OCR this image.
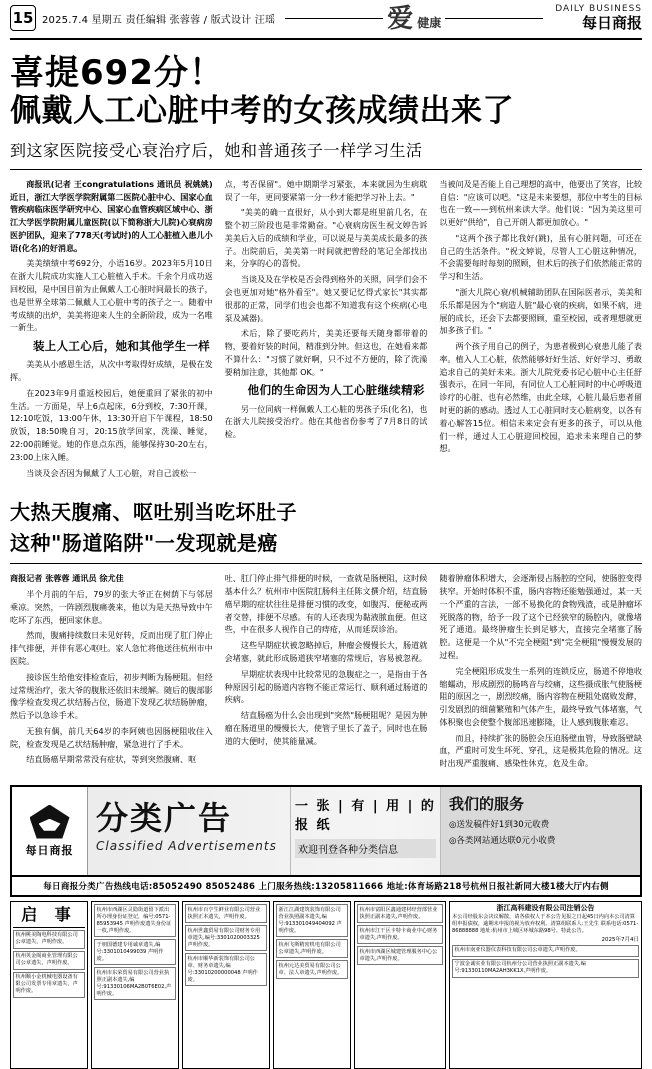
15 2025.7.4 星期五 责任编辑 张蓉蓉 / 版式设计 汪瑶	爱健康
DAILY BUSINESS
每日商报
喜提692分！
佩戴人工心脏中考的女孩成绩出来了
到这家医院接受心衰治疗后，她和普通孩子一样学习生活

商报讯(记者 王congratulations 通讯员 祝姚姚)近日，浙江大学医学院附属第二医院心脏中心、国家心血管疾病临床医学研究中心、国家心血管疾病区域中心、浙江大学医学院附属儿童医院(以下简称浙大儿院)心衰病房医护团队，迎来了778天(考试时)的人工心脏植入患儿小语(化名)的好消息。

美美绩绩中考692分，小语16岁。2023年5月10日在浙大儿院成功实施人工心脏植入手术。千余个月成功返回校园，是中国目前为止佩戴人工心脏时间最长的孩子，也是世界全球第二佩戴人工心脏中考的孩子之一。随着中考成绩的出炉，美美将迎来人生的全新阶段，成为一名唯一新生。

装上人工心后，她和其他学生一样

美美从小感恩生活，从次中考取得好成绩，是极在发挥。

在2023年9月重返校园后，她便重回了紧张的初中生活。一方面是，早上6点起床，6分到校，7:30开课，12:10吃饭，13:00午休，13:30开启下午课程，18:50放饭，18:50晚自习，20:15放学回家，洗澡、睡觉，22:00前睡觉。她的作息点东西，能够保持30-20左右，23:00上床入睡。

当谈及会否因为佩戴了人工心脏，对自己波松一

点，考否保留"。她中期期学习紧张，本来就因为生病耽误了一年，更同要紧第一分一秒才能把学习补上去。"

"美美的确一直很好，从小到大都是班里前几名，在整个初三阶段也是非常勤奋。"心衰病房医生祝文婷告诉美美后入后的成绩和学业，可以说是与美美成长最多的孩子。出院前后，美美第一时间就把曾经的笔记全部找出来，分享的心的喜悦。

当谈及及在学校是否会得到格外的关照，同学们会不会也更加对她"格外看至"。她又要记忆得式家长"其实都很那的正常，同学们也会也都不知道我有这个疾病(心电泵及减器)。

术后，除了要吃药片，美美还要每天随身都带着的物，要着好装的时间，精准到分钟。但这也，在她看来都不算什么："习惯了就好啊，只不过不方便的，除了洗澡要稍加注意，其他都 OK。"

他们的生命因为人工心脏继续精彩

另一位同病一样佩戴人工心脏的男孩子乐(化名)，也在浙大儿院接受治疗。他在其他省份参考了7月8日的试检。

当被问及是否能上自己理想的高中，他要出了笑容，比较自信："应该可以吧。"这是未来要想，那位中考生的目标也在一致——到杭州来读大学。他们说："因为美这里可以更好"供给"，自己开朗人都更加放心。"

"这两个孩子都比我好(跳)，虽有心脏问题，可还在自己的生活条件。"祝文婷说，尽管人工心脏这种情况，不会需要每时每刻的照顾，但术后的孩子们依然能正常的学习和生活。

"浙大儿院心衰/机械辅助团队在国际医者示，美美和乐乐都是因为个"病造人脏"最心衰的疾病，如果不病，进展的成长，还会下去都要照顾，重至校园，或者理想就更加多孩子们。"

两个孩子用自己的例子，为患者极到心衰患儿能了表率。植入人工心脏，依然能够好好生活、好好学习、勇敢追求自己的美好未来。浙大儿院党委书记心脏中心主任舒强表示，在同一年同，有同位人工心脏同时的中心呼吸道诊疗的心脏、也有必然维，由此全球，心脏儿最后患者留时更的新的感动。透过人工心脏同时支心脏病变，以各有着心解答15位。相信未来定会有更多的孩子，可以从他们一样，通过人工心脏迎回校园，追求未来理自己的梦想。

大热天腹痛、呕吐别当吃坏肚子
这种"肠道陷阱"一发现就是癌

商报记者 张蓉蓉 通讯员 徐尤佳

半个月前的午后，79岁的张大爷正在树荫下与邻居乘凉。突然，一阵剧烈腹痛袭来，他以为是天热导致中午吃坏了东西，便回家休息。

然而，腹痛持续数日未见好转，反而出现了肛门停止排气排便，并伴有恶心呕吐。家人急忙将他送往杭州市中医院。

接诊医生给他安排检查后，初步判断为肠梗阻。但经过常规治疗，张大爷的腹胀还依旧未缓解。随后的腹部影像学检查发现乙状结肠占位，肠道下发现乙状结肠肿瘤，然后予以急诊手术。

无独有偶，前几天64岁的李阿姨也因肠梗阻收住入院，检查发现是乙状结肠肿瘤，紧急进行了手术。

结直肠癌早期常常没有症状，等到突然腹痛、呕

吐、肛门停止排气排便的时候，一查就是肠梗阻，这时候基本什么？杭州市中医院肛肠科主任陈文撰介绍，结直肠癌早期的症状往往是排便习惯的改变，如腹泻、便秘或两者交替，排便不尽感。有的人还表现为黏液脓血便。但这些，中在很多人视作自己的痔疮，从而延误诊治。

这些早期症状被忽略掉后，肿瘤会慢慢长大，肠道就会堵塞，就此形成肠道狭窄堵塞的常规后，容易被忽视。

早期症状表现中比较常见的急腹症之一，是指由于各种原因引起的肠道内容物不能正常运行、顺利通过肠道的疾病。

结直肠癌为什么会出现到"突然"肠梗阻呢？是因为肿瘤在肠道里的慢慢长大，使管子里长了盖子，同时也在肠道的大便时，使其能量减。

随着肿瘤体积增大，会逐渐侵占肠腔的空间，使肠腔变得狭窄。开始时体积不重，肠内容物还能勉强通过，某一天一个严重的言法，一部不易换化的食物残渣，或是肿瘤坏死脱落的物，给予一段了这个已经狭窄的肠腔内，就像堵死了通道。最终肿瘤生长到足够大，直接完全堵塞了肠腔。这便是一个从"不完全梗阻"到"完全梗阻"慢慢发展的过程。

完全梗阻形成发生一系列的连锁反应，肠道不停地收缩蠕动，形成剧烈的肠鸣音与绞痛，这些摄成胀气使肠梗阻的原因之一，剧烈绞痛，肠内容物在梗阻处腐败发酵，引发剧烈的细菌繁殖和气体产生，最终导致气体堵塞，气体积聚也会使整个腹部迅速膨隆，让人感到腹胀难忍。

而且，持续扩张的肠腔会压迫肠壁血管，导致肠壁缺血，严重时可发生坏死、穿孔，这是极其危险的情况。这时出现严重腹痛、感染性休克，危及生命。

每日商报
分类广告
Classified Advertisements
一 张 | 有 | 用 | 的 报 纸
欢迎刊登各种分类信息
我们的服务
◎送发稿件好1到30元收费
◎各类网站通达联0元小收费
每日商报分类广告热线电话:85052490 85052486 上门服务热线:13205811666 地址:体育场路218号杭州日报社新同大楼1楼大厅内右侧
启 事
杭州桃美陶电科技有限公司公章遗失，声明作废。
杭州英金阁商业管理有限公司公章遗失，声明作废。
杭州顺小金机械电器设备有限公司发票专用章遗失，声明作废。
杭州市西湖区灵隐街道留下派出所办理身份证登记，编号:0571-85953945 声明作废遗失身份证一枚,声明作废。
于朋国德建专用诚章遗失,编号:3301010499039 声明作废。
杭州市东荣贸易有限公司营业执照正副本遗失,编号:91330106MA2B0T6E02,声明作废。
杭州市百亨生鲜业有限公司营业执照正本遗失，声明作废。
杭州世鑫贸易有限公司财务专用章遗失,编号:3301020003325 声明作废。
杭州市顺华新装饰有限公司公章、财务章遗失,编号:33010200000048 声明作废。
浙江江湖建筑装饰有限公司营业执照副本遗失,编号:913301049404092 声明作废。
杭州飞斯精密机电有限公司公章遗失,声明作废。
杭州元达美贸易有限公司公章、法人章遗失,声明作废。
杭州市富阳区鑫通建材经营部营业执照正副本遗失,声明作废。
杭州市江干区卡特卡商业中心财务章遗失,声明作废。
杭州市西湖区城建管理服务中心公章遗失,声明作废。
浙江高科建设有限公司注销公告
本公司经股东会决议解散，请各债权人于本公告见报之日起45日内向本公司清算组申报债权，逾期未申报的视为放弃权利。清算组联系人:王先生 联系电话:0571-86888888 地址:杭州市上城区环城东路98号。特此公告。
2025年7月4日
杭州市南亚仪器仪表科技有限公司公章遗失,声明作废。
宁波金诚实业有限公司杭州分公司营业执照正副本遗失,编号:91330110MA2AH3KK1X,声明作废。
